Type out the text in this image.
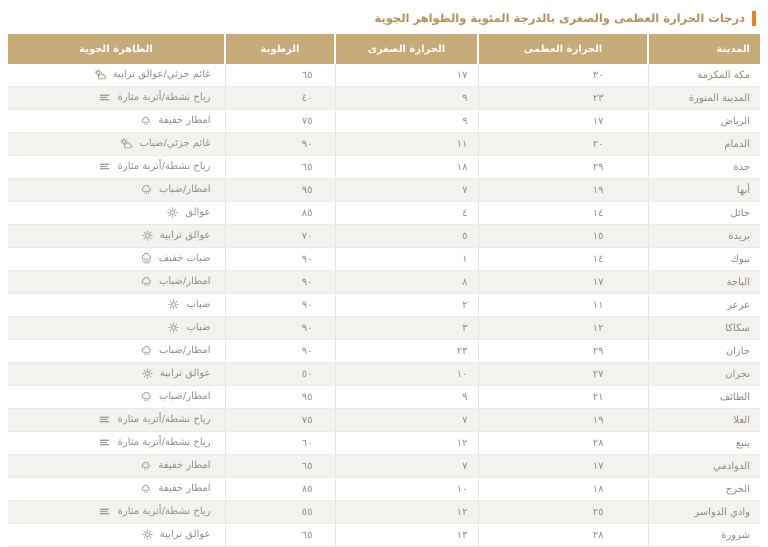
درجات الحرارة العظمى والصغرى بالدرجة المئوية والظواهر الجوية
المدينة	الحرارة العظمى	الحرارة الصغرى	الرطوبة	الظاهرة الجوية
مكة المكرمة	٣٠	١٧	٦٥	غائم جزئي/عوالق ترابية
المدينة المنورة	٢٣	٩	٤٠	رياح نشطة/أتربة مثارة
الرياض	١٧	٩	٧٥	امطار خفيفة
الدمام	٢٠	١١	٩٠	غائم جزئي/ضباب
جدة	٢٩	١٨	٦٥	رياح نشطة/أتربة مثارة
أبها	١٩	٧	٩٥	امطار/ضباب
حائل	١٤	٤	٨٥	عوالق
بريدة	١٥	٥	٧٠	عوالق ترابية
تبوك	١٤	١	٩٠	ضباب خفيف
الباحة	١٧	٨	٩٠	امطار/ضباب
عرعر	١١	٢	٩٠	ضباب
سكاكا	١٢	٣	٩٠	ضباب
جازان	٢٩	٢٣	٩٠	امطار/ضباب
نجران	٢٧	١٠	٥٠	عوالق ترابية
الطائف	٢١	٩	٩٥	امطار/ضباب
العلا	١٩	٧	٧٥	رياح نشطة/أتربة مثارة
ينبع	٢٨	١٢	٦٠	رياح نشطة/أتربة مثارة
الدوادمي	١٧	٧	٦٥	امطار خفيفة
الخرج	١٨	١٠	٨٥	امطار خفيفة
وادي الدواسر	٢٥	١٢	٥٥	رياح نشطة/أتربة مثارة
شرورة	٢٨	١٣	٦٥	عوالق ترابية
